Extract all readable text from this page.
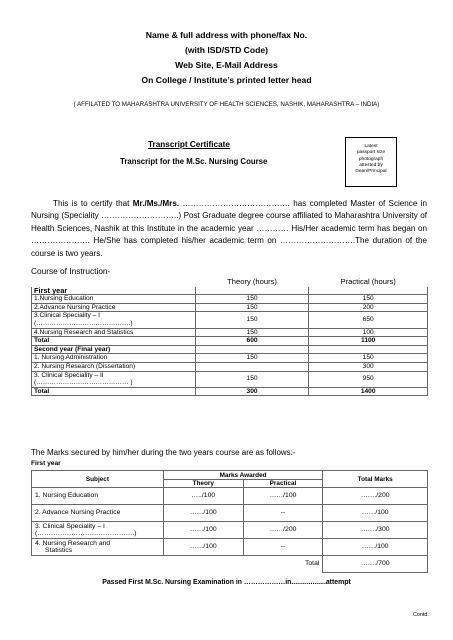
Name & full address with phone/fax No.
(with ISD/STD Code)
Web Site, E-Mail Address
On College / Institute’s printed letter head
( AFFILATED TO MAHARASHTRA UNIVERSITY OF HEALTH SCIENCES, NASHIK, MAHARASHTRA – INDIA)
Transcript Certificate
Transcript for the M.Sc. Nursing Course
Latest
passport size
photograph
attested by
Dean/Principal
This is to certify that Mr./Ms./Mrs. …………………………………. has completed Master of Science in Nursing (Speciality ………………………..) Post Graduate degree course affiliated to Maharashtra University of Health Sciences, Nashik at this Institute in the academic year ………… His/Her academic term has began on …………………. He/She has completed his/her academic term on ……………………….The duration of the course is two years.
Course of Instruction-
	Theory (hours)	Practical (hours)
First year		
1.Nursing Education	150	150
2.Advance Nursing Practice	150	200

3.Clinical Speciality – I
(…………………………………….)	150	650
4.Nursing Research and Statistics	150	100
Total	600	1100
Second year (Final year)		
1. Nursing Administration	150	150
2. Nursing Research (Dissertation)		300

3. Clinical Speciality – II
(…………………………………… )	150	950
Total	300	1400
The Marks secured by him/her during the two years course are as follows:-
First year
Subject	Marks Awarded		Total Marks
	Theory	Practical	
1. Nursing Education	…../100	……/100	……./200
2. Advance Nursing Practice	……/100	--	……/100

3. Clinical Speciality – I
(…………………………………….)	……/100	……/200	……./300

4. Nursing Research and
Statistics	……/100	--	……/100
		Total	……./700
Passed First M.Sc. Nursing Examination in ………………in..................attempt
Contd.
